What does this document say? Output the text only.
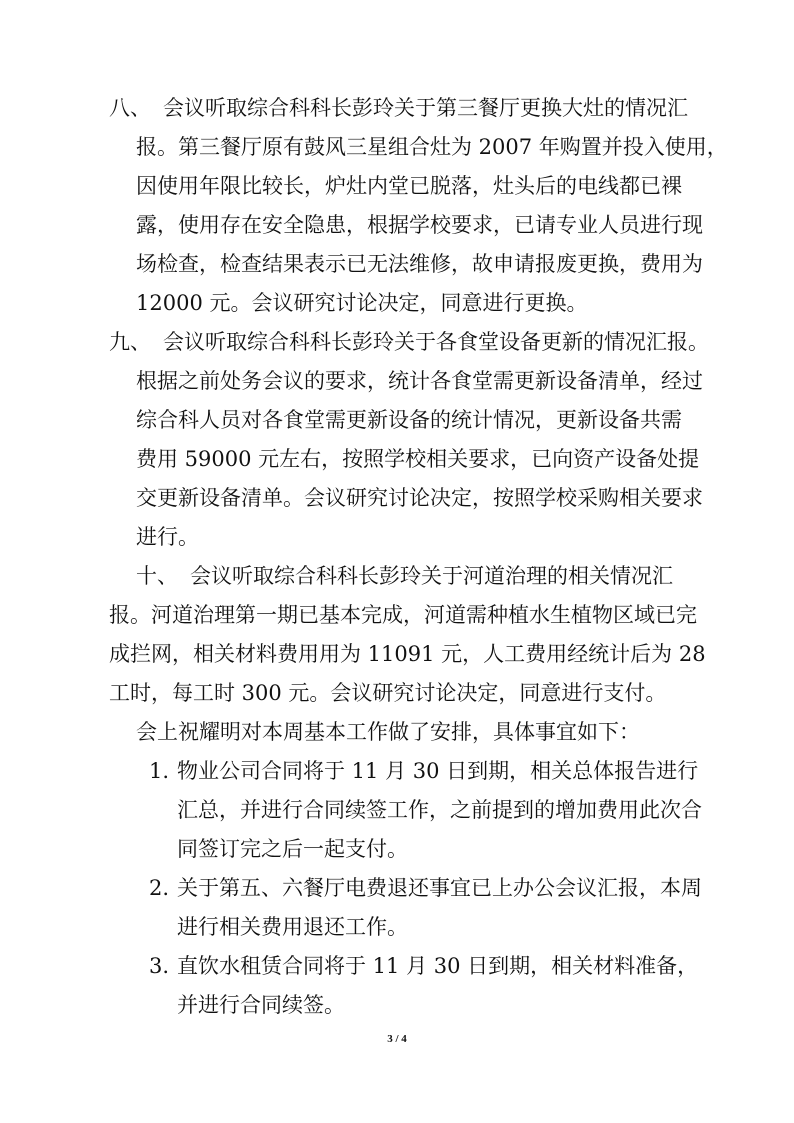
八、 会议听取综合科科长彭玲关于第三餐厅更换大灶的情况汇
报。第三餐厅原有鼓风三星组合灶为 2007 年购置并投入使用，
因使用年限比较长，炉灶内堂已脱落，灶头后的电线都已裸
露，使用存在安全隐患，根据学校要求，已请专业人员进行现
场检查，检查结果表示已无法维修，故申请报废更换，费用为
12000 元。会议研究讨论决定，同意进行更换。
九、 会议听取综合科科长彭玲关于各食堂设备更新的情况汇报。
根据之前处务会议的要求，统计各食堂需更新设备清单，经过
综合科人员对各食堂需更新设备的统计情况，更新设备共需
费用 59000 元左右，按照学校相关要求，已向资产设备处提
交更新设备清单。会议研究讨论决定，按照学校采购相关要求
进行。
十、 会议听取综合科科长彭玲关于河道治理的相关情况汇
报。河道治理第一期已基本完成，河道需种植水生植物区域已完
成拦网，相关材料费用用为 11091 元，人工费用经统计后为 28
工时，每工时 300 元。会议研究讨论决定，同意进行支付。
会上祝耀明对本周基本工作做了安排，具体事宜如下：
1. 物业公司合同将于 11 月 30 日到期，相关总体报告进行
汇总，并进行合同续签工作，之前提到的增加费用此次合
同签订完之后一起支付。
2. 关于第五、六餐厅电费退还事宜已上办公会议汇报，本周
进行相关费用退还工作。
3. 直饮水租赁合同将于 11 月 30 日到期，相关材料准备，
并进行合同续签。
3 / 4
